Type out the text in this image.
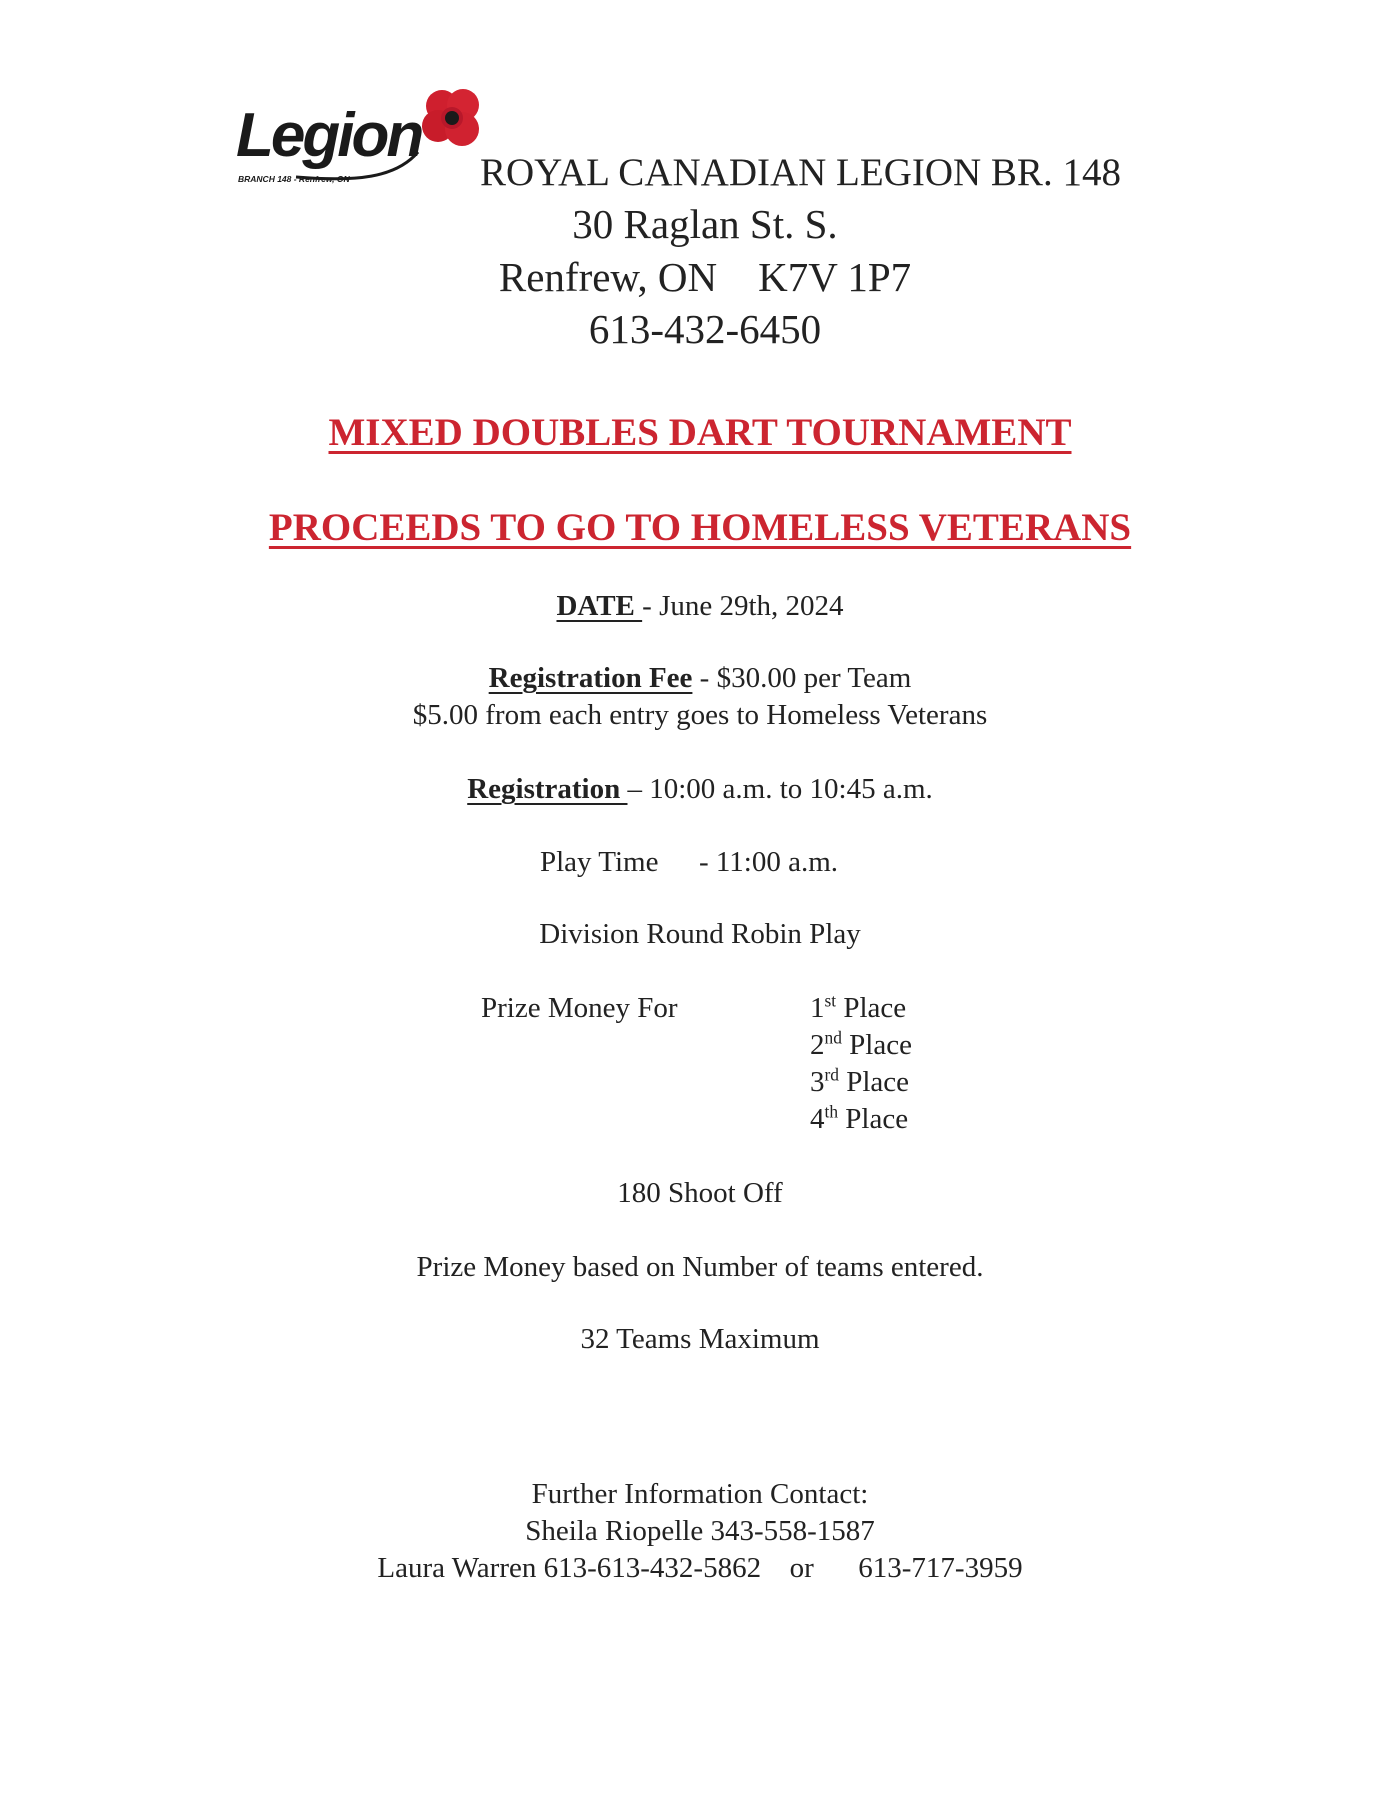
Legion
BRANCH 148 - Renfrew, ON	ROYAL CANADIAN LEGION BR. 148
30 Raglan St. S.
Renfrew, ON K7V 1P7
613-432-6450
MIXED DOUBLES DART TOURNAMENT
PROCEEDS TO GO TO HOMELESS VETERANS
DATE - June 29th, 2024
Registration Fee - $30.00 per Team
$5.00 from each entry goes to Homeless Veterans
Registration – 10:00 a.m. to 10:45 a.m.
Play Time - 11:00 a.m.
Division Round Robin Play
Prize Money For	1st Place
2nd Place
3rd Place
4th Place
180 Shoot Off
Prize Money based on Number of teams entered.
32 Teams Maximum
Further Information Contact:
Sheila Riopelle 343-558-1587
Laura Warren 613-613-432-5862 or 613-717-3959
